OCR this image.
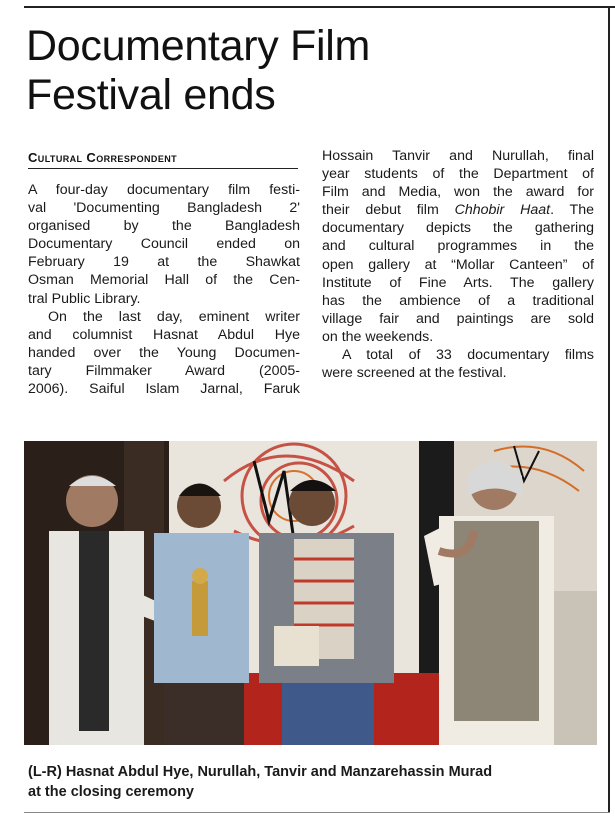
Documentary Film
Festival ends
Cultural Correspondent

A four-day documentary film festi-
val 'Documenting Bangladesh 2'
organised by the Bangladesh
Documentary Council ended on
February 19 at the Shawkat
Osman Memorial Hall of the Cen-
tral Public Library.

On the last day, eminent writer
and columnist Hasnat Abdul Hye
handed over the Young Documen-
tary Filmmaker Award (2005-
2006). Saiful Islam Jarnal, Faruk

Hossain Tanvir and Nurullah, final
year students of the Department of
Film and Media, won the award for
their debut film Chhobir Haat. The
documentary depicts the gathering
and cultural programmes in the
open gallery at “Mollar Canteen” of
Institute of Fine Arts. The gallery
has the ambience of a traditional
village fair and paintings are sold
on the weekends.

A total of 33 documentary films
were screened at the festival.

(L-R) Hasnat Abdul Hye, Nurullah, Tanvir and Manzarehassin Murad
at the closing ceremony
